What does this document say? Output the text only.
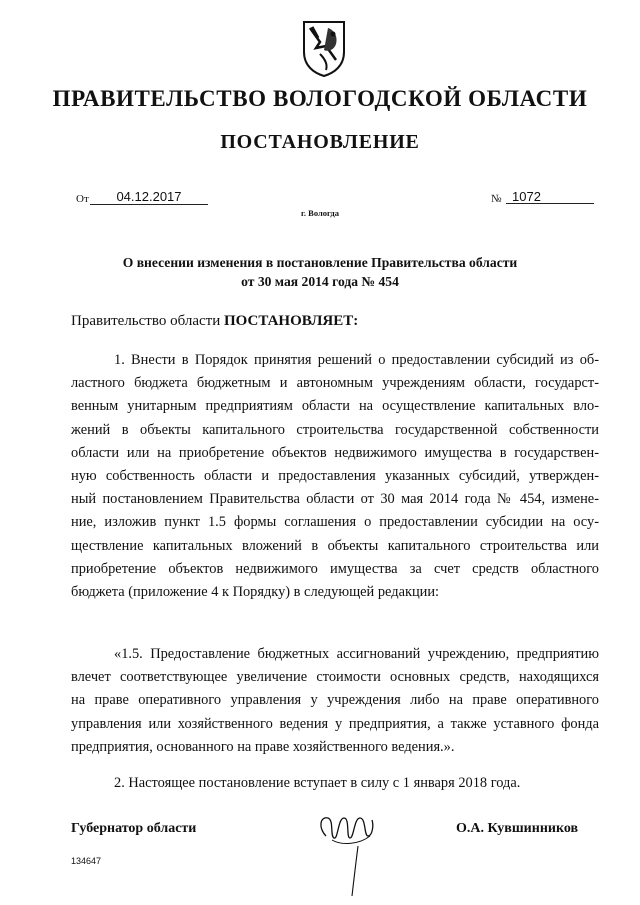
ПРАВИТЕЛЬСТВО ВОЛОГОДСКОЙ ОБЛАСТИ
ПОСТАНОВЛЕНИЕ
От	04.12.2017	№ 1072
г. Вологда
О внесении изменения в постановление Правительства области
от 30 мая 2014 года № 454
Правительство области ПОСТАНОВЛЯЕТ:
1. Внести в Порядок принятия решений о предоставлении субсидий из об-
ластного бюджета бюджетным и автономным учреждениям области, государст-
венным унитарным предприятиям области на осуществление капитальных вло-
жений в объекты капитального строительства государственной собственности
области или на приобретение объектов недвижимого имущества в государствен-
ную собственность области и предоставления указанных субсидий, утвержден-
ный постановлением Правительства области от 30 мая 2014 года № 454, измене-
ние, изложив пункт 1.5 формы соглашения о предоставлении субсидии на осу-
ществление капитальных вложений в объекты капитального строительства или
приобретение объектов недвижимого имущества за счет средств областного
бюджета (приложение 4 к Порядку) в следующей редакции:
«1.5. Предоставление бюджетных ассигнований учреждению, предприятию
влечет соответствующее увеличение стоимости основных средств, находящихся
на праве оперативного управления у учреждения либо на праве оперативного
управления или хозяйственного ведения у предприятия, а также уставного фонда
предприятия, основанного на праве хозяйственного ведения.».
2. Настоящее постановление вступает в силу с 1 января 2018 года.
Губернатор области	О.А. Кувшинников
134647
